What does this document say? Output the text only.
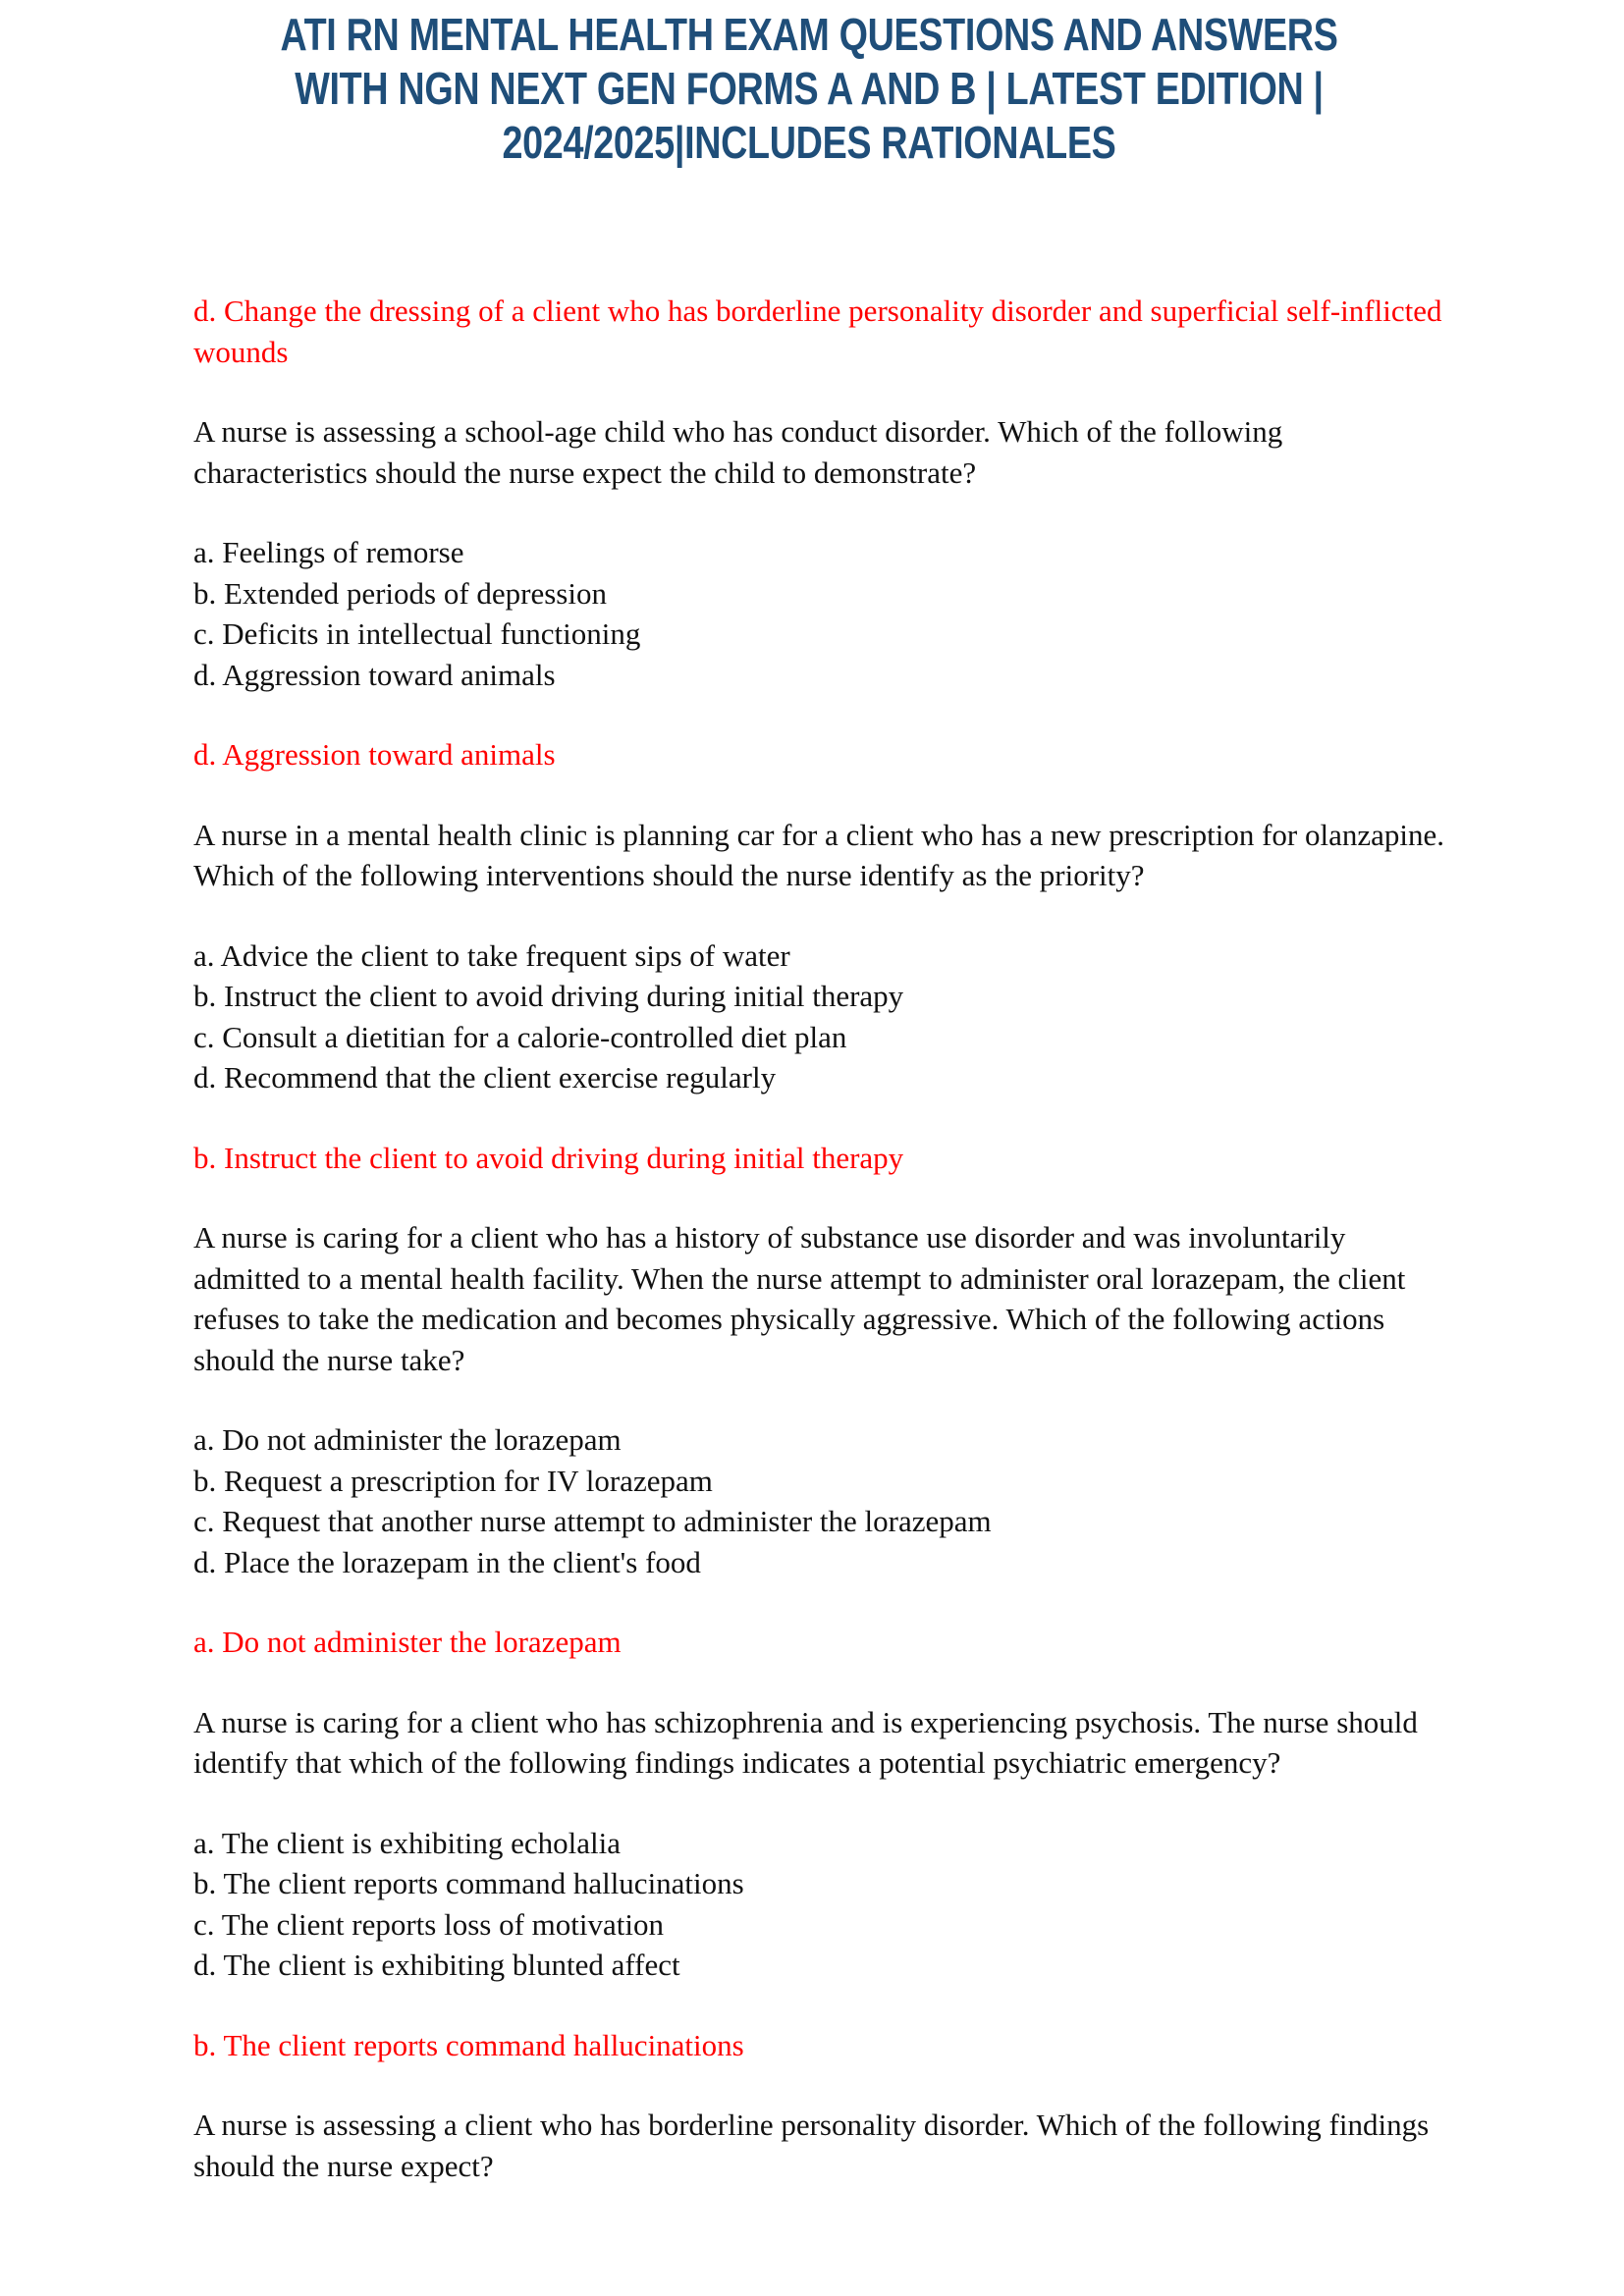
ATI RN MENTAL HEALTH EXAM QUESTIONS AND ANSWERS
WITH NGN NEXT GEN FORMS A AND B | LATEST EDITION |
2024/2025|INCLUDES RATIONALES

d. Change the dressing of a client who has borderline personality disorder and superficial self-inflicted wounds

A nurse is assessing a school-age child who has conduct disorder. Which of the following characteristics should the nurse expect the child to demonstrate?

a. Feelings of remorse
b. Extended periods of depression
c. Deficits in intellectual functioning
d. Aggression toward animals

d. Aggression toward animals

A nurse in a mental health clinic is planning car for a client who has a new prescription for olanzapine. Which of the following interventions should the nurse identify as the priority?

a. Advice the client to take frequent sips of water
b. Instruct the client to avoid driving during initial therapy
c. Consult a dietitian for a calorie-controlled diet plan
d. Recommend that the client exercise regularly

b. Instruct the client to avoid driving during initial therapy

A nurse is caring for a client who has a history of substance use disorder and was involuntarily admitted to a mental health facility. When the nurse attempt to administer oral lorazepam, the client refuses to take the medication and becomes physically aggressive. Which of the following actions should the nurse take?

a. Do not administer the lorazepam
b. Request a prescription for IV lorazepam
c. Request that another nurse attempt to administer the lorazepam
d. Place the lorazepam in the client's food

a. Do not administer the lorazepam

A nurse is caring for a client who has schizophrenia and is experiencing psychosis. The nurse should identify that which of the following findings indicates a potential psychiatric emergency?

a. The client is exhibiting echolalia
b. The client reports command hallucinations
c. The client reports loss of motivation
d. The client is exhibiting blunted affect

b. The client reports command hallucinations

A nurse is assessing a client who has borderline personality disorder. Which of the following findings should the nurse expect?
